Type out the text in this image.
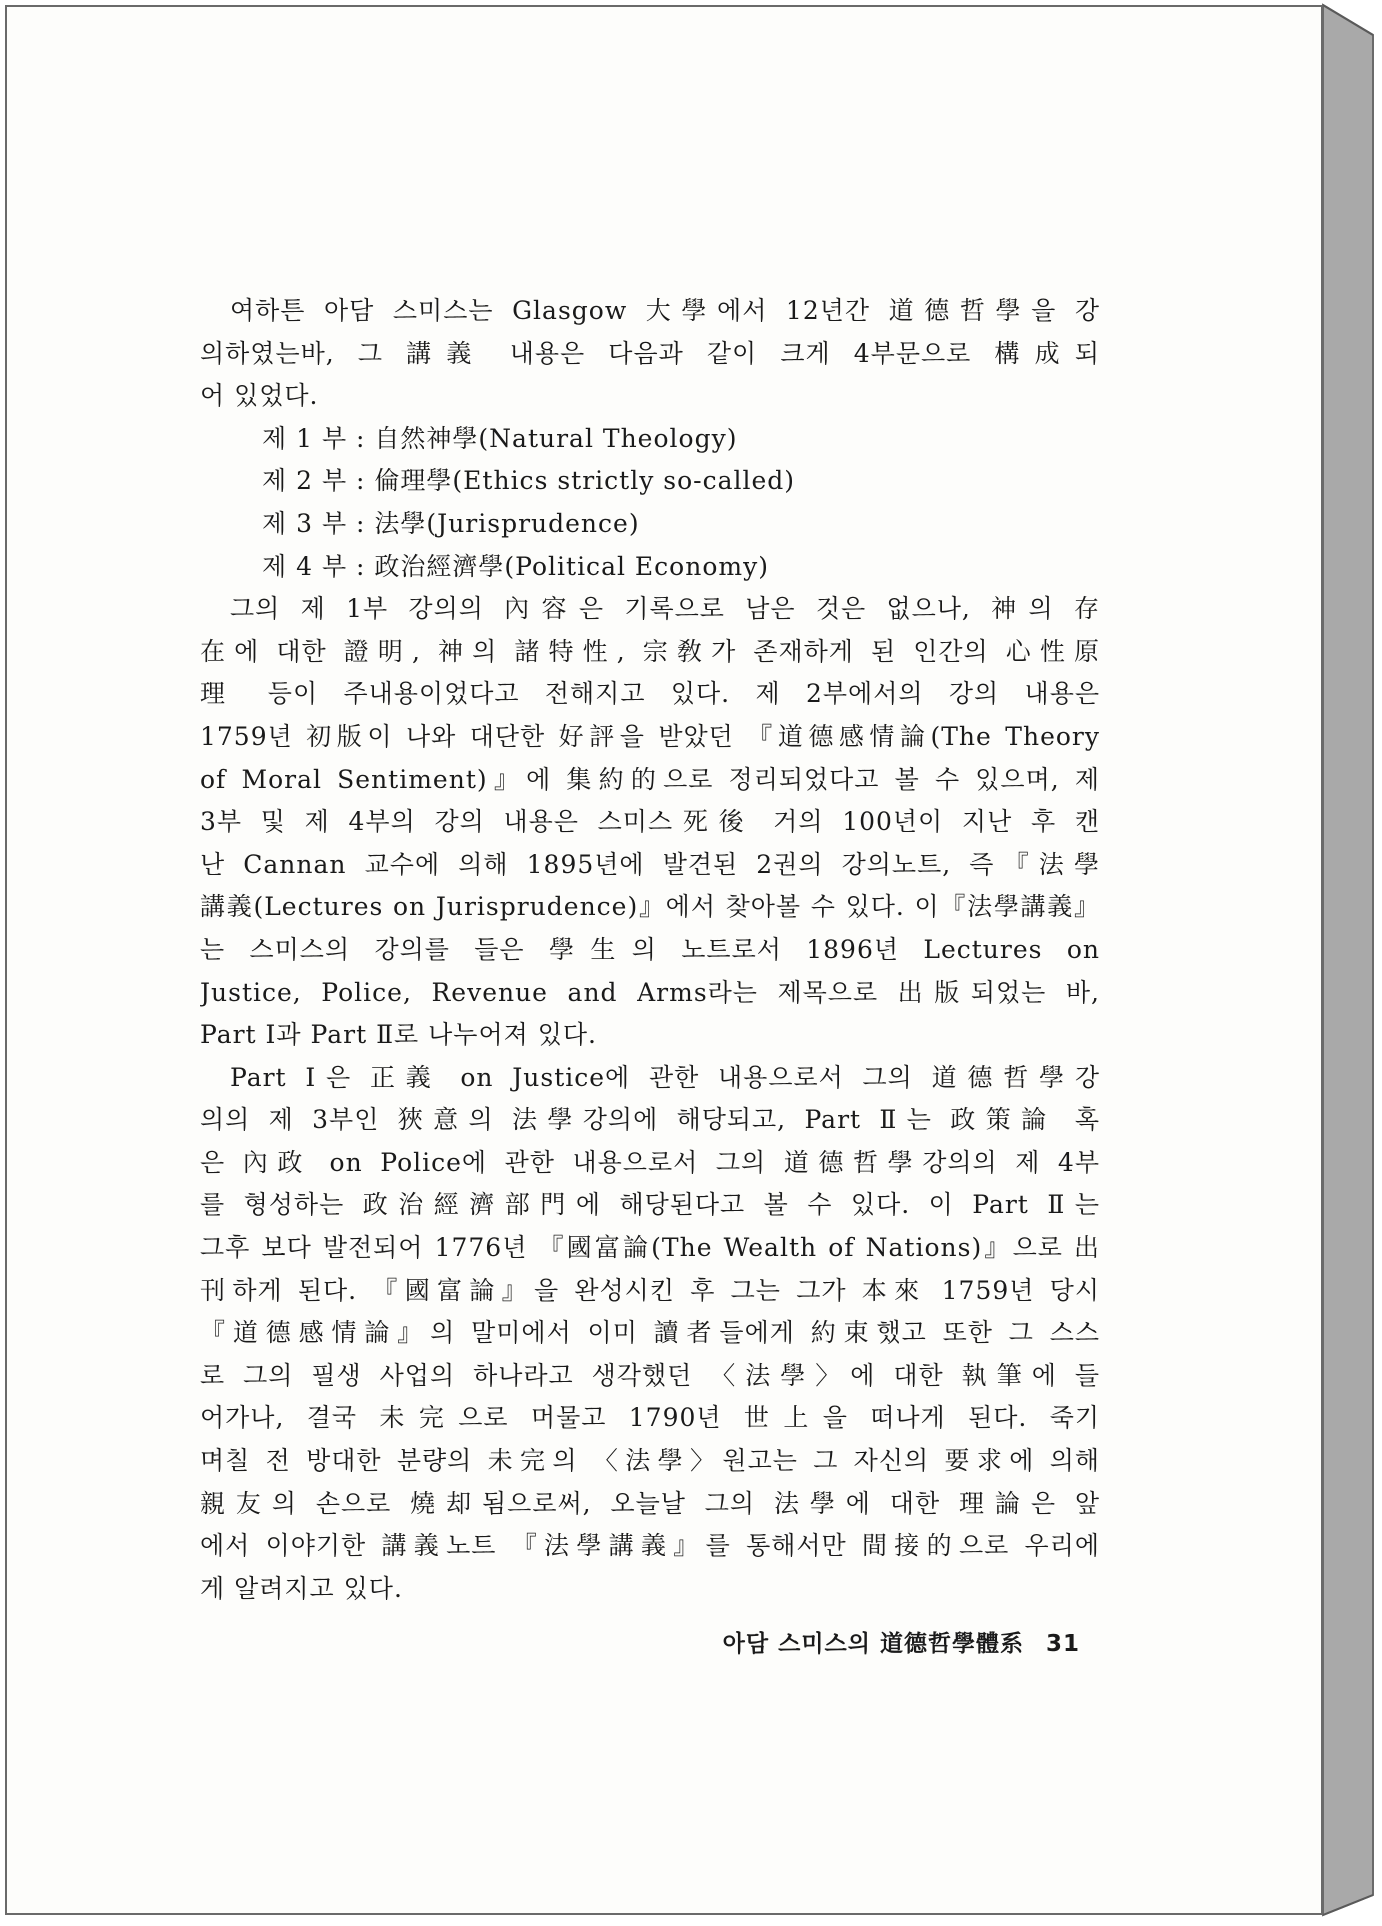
여하튼 아담 스미스는 Glasgow 大學에서 12년간 道德哲學을 강
의하였는바, 그 講義 내용은 다음과 같이 크게 4부문으로 構成되
어 있었다.
제 1 부 : 自然神學(Natural Theology)
제 2 부 : 倫理學(Ethics strictly so-called)
제 3 부 : 法學(Jurisprudence)
제 4 부 : 政治經濟學(Political Economy)
그의 제 1부 강의의 內容은 기록으로 남은 것은 없으나, 神의 存
在에 대한 證明, 神의 諸特性, 宗敎가 존재하게 된 인간의 心性原
理 등이 주내용이었다고 전해지고 있다. 제 2부에서의 강의 내용은
1759년 初版이 나와 대단한 好評을 받았던 『道德感情論(The Theory
of Moral Sentiment)』에 集約的으로 정리되었다고 볼 수 있으며, 제
3부 및 제 4부의 강의 내용은 스미스死後 거의 100년이 지난 후 캔
난 Cannan 교수에 의해 1895년에 발견된 2권의 강의노트, 즉『法學
講義(Lectures on Jurisprudence)』에서 찾아볼 수 있다. 이『法學講義』
는 스미스의 강의를 들은 學生의 노트로서 1896년 Lectures on
Justice, Police, Revenue and Arms라는 제목으로 出版되었는 바,
Part Ⅰ과 Part Ⅱ로 나누어져 있다.
Part Ⅰ은 正義 on Justice에 관한 내용으로서 그의 道德哲學강
의의 제 3부인 狹意의 法學강의에 해당되고, Part Ⅱ는 政策論 혹
은 內政 on Police에 관한 내용으로서 그의 道德哲學강의의 제 4부
를 형성하는 政治經濟部門에 해당된다고 볼 수 있다. 이 Part Ⅱ는
그후 보다 발전되어 1776년 『國富論(The Wealth of Nations)』으로 出
刊하게 된다. 『國富論』을 완성시킨 후 그는 그가 本來 1759년 당시
『道德感情論』의 말미에서 이미 讀者들에게 約束했고 또한 그 스스
로 그의 필생 사업의 하나라고 생각했던 〈法學〉에 대한 執筆에 들
어가나, 결국 未完으로 머물고 1790년 世上을 떠나게 된다. 죽기
며칠 전 방대한 분량의 未完의 〈法學〉원고는 그 자신의 要求에 의해
親友의 손으로 燒却됨으로써, 오늘날 그의 法學에 대한 理論은 앞
에서 이야기한 講義노트 『法學講義』를 통해서만 間接的으로 우리에
게 알려지고 있다.
아담 스미스의 道德哲學體系 31
